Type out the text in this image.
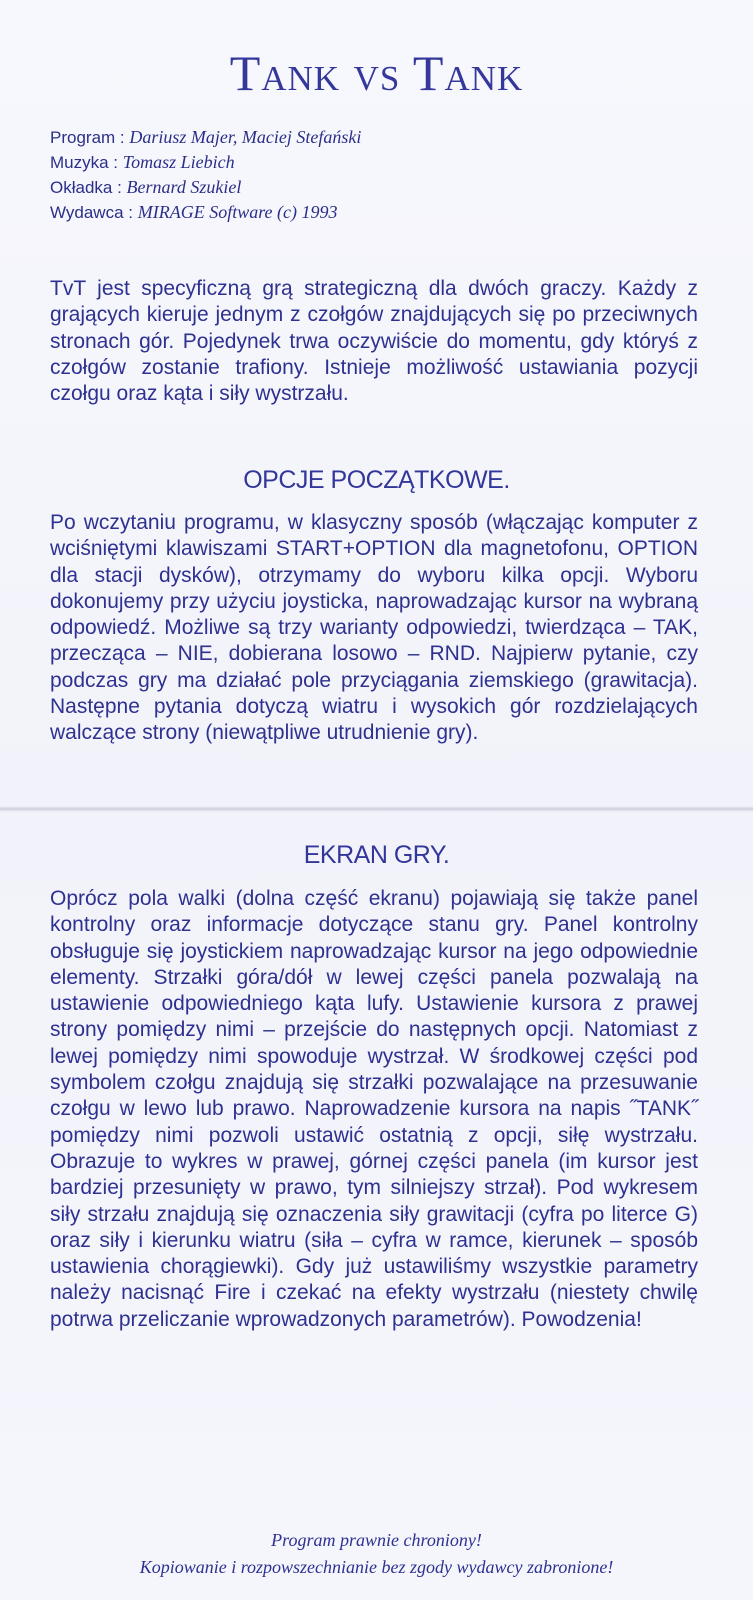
Tank vs Tank
Program : Dariusz Majer, Maciej Stefański
Muzyka : Tomasz Liebich
Okładka : Bernard Szukiel
Wydawca : MIRAGE Software (c) 1993

TvT jest specyficzną grą strategiczną dla dwóch graczy. Każdy z grających kieruje jednym z czołgów znajdujących się po przeciwnych stronach gór. Pojedynek trwa oczywiście do momentu, gdy któryś z czołgów zostanie trafiony. Istnieje możliwość ustawiania pozycji czołgu oraz kąta i siły wystrzału.

OPCJE POCZĄTKOWE.

Po wczytaniu programu, w klasyczny sposób (włączając komputer z wciśniętymi klawiszami START+OPTION dla magnetofonu, OPTION dla stacji dysków), otrzymamy do wyboru kilka opcji. Wyboru dokonujemy przy użyciu joysticka, naprowadzając kursor na wybraną odpowiedź. Możliwe są trzy warianty odpowiedzi, twierdząca – TAK, przecząca – NIE, dobierana losowo – RND. Najpierw pytanie, czy podczas gry ma działać pole przyciągania ziemskiego (grawitacja). Następne pytania dotyczą wiatru i wysokich gór rozdzielających walczące strony (niewątpliwe utrudnienie gry).

EKRAN GRY.

Oprócz pola walki (dolna część ekranu) pojawiają się także panel kontrolny oraz informacje dotyczące stanu gry. Panel kontrolny obsługuje się joystickiem naprowadzając kursor na jego odpowiednie elementy. Strzałki góra/dół w lewej części panela pozwalają na ustawienie odpowiedniego kąta lufy. Ustawienie kursora z prawej strony pomiędzy nimi – przejście do następnych opcji. Natomiast z lewej pomiędzy nimi spowoduje wystrzał. W środkowej części pod symbolem czołgu znajdują się strzałki pozwalające na przesuwanie czołgu w lewo lub prawo. Naprowadzenie kursora na napis ˝TANK˝ pomiędzy nimi pozwoli ustawić ostatnią z opcji, siłę wystrzału. Obrazuje to wykres w prawej, górnej części panela (im kursor jest bardziej przesunięty w prawo, tym silniejszy strzał). Pod wykresem siły strzału znajdują się oznaczenia siły grawitacji (cyfra po literce G) oraz siły i kierunku wiatru (siła – cyfra w ramce, kierunek – sposób ustawienia chorągiewki). Gdy już ustawiliśmy wszystkie parametry należy nacisnąć Fire i czekać na efekty wystrzału (niestety chwilę potrwa przeliczanie wprowadzonych parametrów). Powodzenia!

Program prawnie chroniony!
Kopiowanie i rozpowszechnianie bez zgody wydawcy zabronione!
